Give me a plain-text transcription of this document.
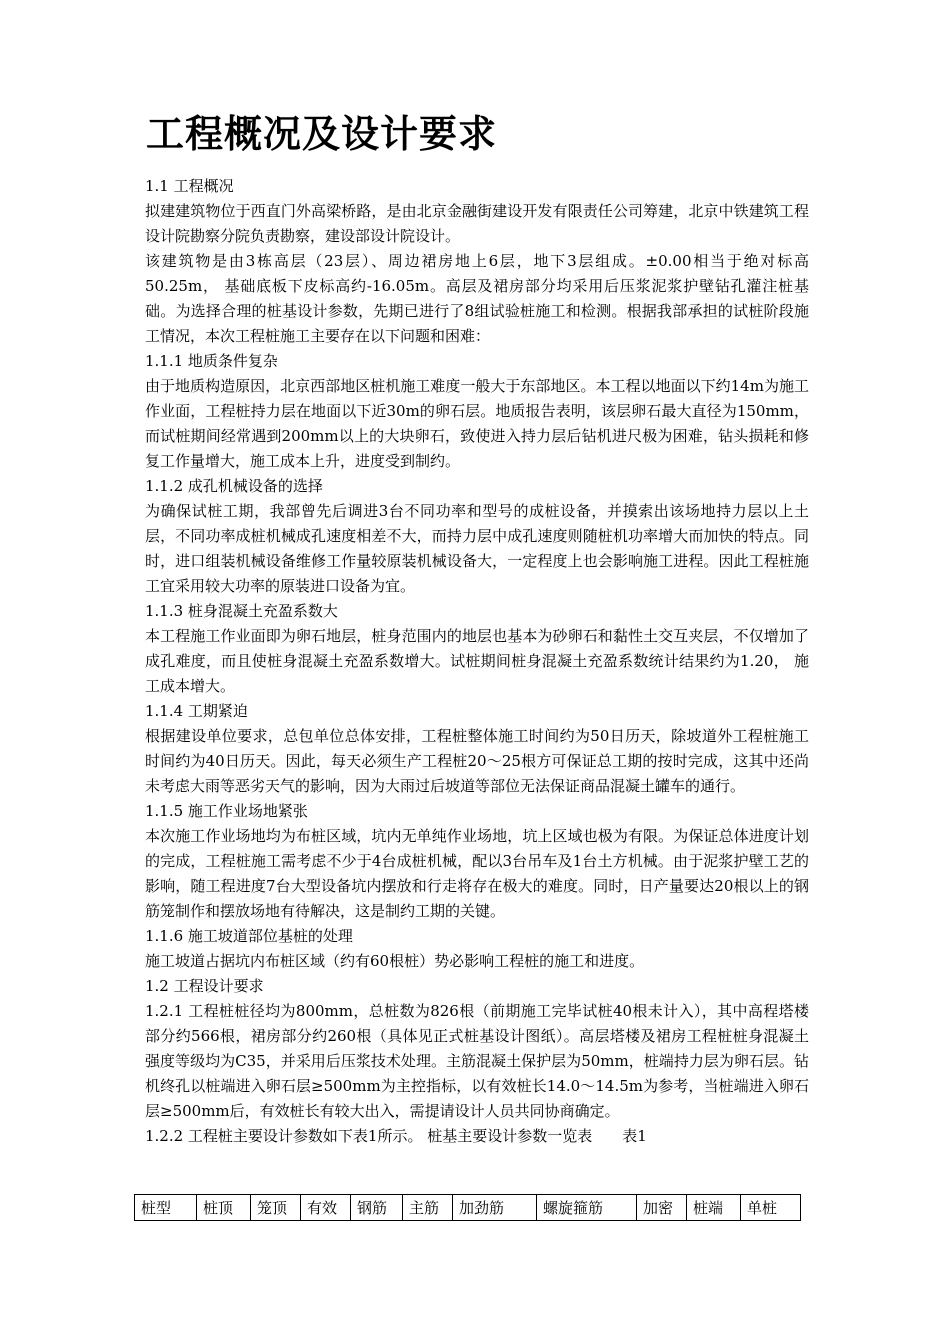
工程概况及设计要求

1.1 工程概况

拟建建筑物位于西直门外高梁桥路，是由北京金融街建设开发有限责任公司筹建，北京中铁建筑工程设计院勘察分院负责勘察，建设部设计院设计。

该建筑物是由3栋高层（23层）、周边裙房地上6层，地下3层组成。±0.00相当于绝对标高50.25m， 基础底板下皮标高约-16.05m。高层及裙房部分均采用后压浆泥浆护壁钻孔灌注桩基础。为选择合理的桩基设计参数，先期已进行了8组试验桩施工和检测。根据我部承担的试桩阶段施工情况，本次工程桩施工主要存在以下问题和困难：

1.1.1 地质条件复杂

由于地质构造原因，北京西部地区桩机施工难度一般大于东部地区。本工程以地面以下约14m为施工作业面，工程桩持力层在地面以下近30m的卵石层。地质报告表明，该层卵石最大直径为150mm，而试桩期间经常遇到200mm以上的大块卵石，致使进入持力层后钻机进尺极为困难，钻头损耗和修复工作量增大，施工成本上升，进度受到制约。

1.1.2 成孔机械设备的选择

为确保试桩工期，我部曾先后调进3台不同功率和型号的成桩设备，并摸索出该场地持力层以上土层，不同功率成桩机械成孔速度相差不大，而持力层中成孔速度则随桩机功率增大而加快的特点。同时，进口组装机械设备维修工作量较原装机械设备大，一定程度上也会影响施工进程。因此工程桩施工宜采用较大功率的原装进口设备为宜。

1.1.3 桩身混凝土充盈系数大

本工程施工作业面即为卵石地层，桩身范围内的地层也基本为砂卵石和黏性土交互夹层，不仅增加了成孔难度，而且使桩身混凝土充盈系数增大。试桩期间桩身混凝土充盈系数统计结果约为1.20， 施工成本增大。

1.1.4 工期紧迫

根据建设单位要求，总包单位总体安排，工程桩整体施工时间约为50日历天，除坡道外工程桩施工时间约为40日历天。因此，每天必须生产工程桩20～25根方可保证总工期的按时完成，这其中还尚未考虑大雨等恶劣天气的影响，因为大雨过后坡道等部位无法保证商品混凝土罐车的通行。

1.1.5 施工作业场地紧张

本次施工作业场地均为布桩区域，坑内无单纯作业场地，坑上区域也极为有限。为保证总体进度计划的完成，工程桩施工需考虑不少于4台成桩机械，配以3台吊车及1台土方机械。由于泥浆护壁工艺的影响，随工程进度7台大型设备坑内摆放和行走将存在极大的难度。同时，日产量要达20根以上的钢筋笼制作和摆放场地有待解决，这是制约工期的关键。

1.1.6 施工坡道部位基桩的处理

施工坡道占据坑内布桩区域（约有60根桩）势必影响工程桩的施工和进度。

1.2 工程设计要求

1.2.1 工程桩桩径均为800mm，总桩数为826根（前期施工完毕试桩40根未计入），其中高程塔楼部分约566根，裙房部分约260根（具体见正式桩基设计图纸）。高层塔楼及裙房工程桩桩身混凝土强度等级均为C35，并采用后压浆技术处理。主筋混凝土保护层为50mm，桩端持力层为卵石层。钻机终孔以桩端进入卵石层≥500mm为主控指标，以有效桩长14.0～14.5m为参考，当桩端进入卵石层≥500mm后，有效桩长有较大出入，需提请设计人员共同协商确定。

1.2.2 工程桩主要设计参数如下表1所示。 桩基主要设计参数一览表　　表1

桩型	桩顶	笼顶	有效	钢筋	主筋	加劲筋	螺旋箍筋	加密	桩端	单桩
